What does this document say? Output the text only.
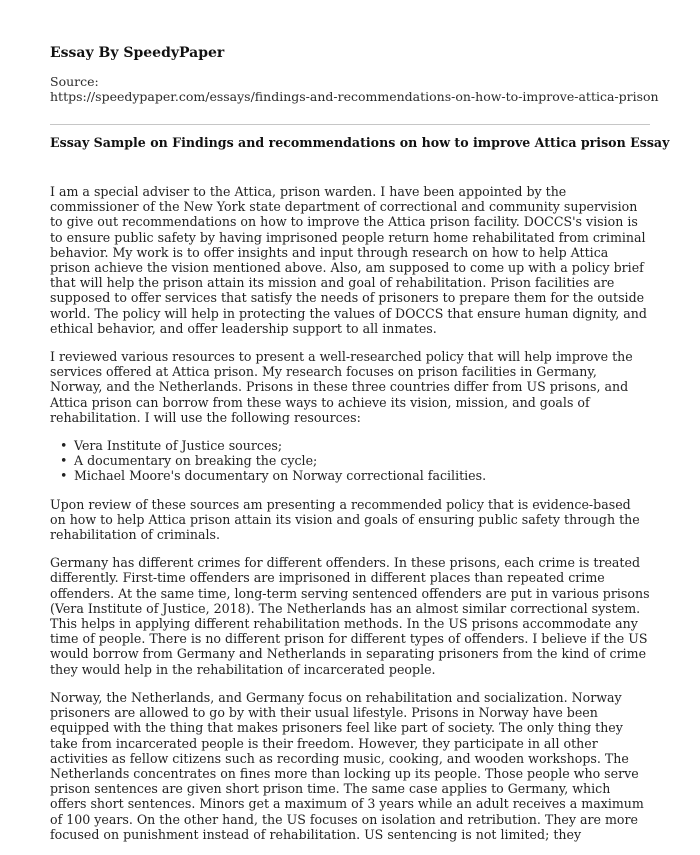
Essay By SpeedyPaper
Source:
https://speedypaper.com/essays/findings-and-recommendations-on-how-to-improve-attica-prison
Essay Sample on Findings and recommendations on how to improve Attica prison Essay

I am a special adviser to the Attica, prison warden. I have been appointed by the commissioner of the New York state department of correctional and community supervision to give out recommendations on how to improve the Attica prison facility. DOCCS's vision is to ensure public safety by having imprisoned people return home rehabilitated from criminal behavior. My work is to offer insights and input through research on how to help Attica prison achieve the vision mentioned above. Also, am supposed to come up with a policy brief that will help the prison attain its mission and goal of rehabilitation. Prison facilities are supposed to offer services that satisfy the needs of prisoners to prepare them for the outside world. The policy will help in protecting the values of DOCCS that ensure human dignity, and ethical behavior, and offer leadership support to all inmates.

I reviewed various resources to present a well-researched policy that will help improve the services offered at Attica prison. My research focuses on prison facilities in Germany, Norway, and the Netherlands. Prisons in these three countries differ from US prisons, and Attica prison can borrow from these ways to achieve its vision, mission, and goals of rehabilitation. I will use the following resources:

• Vera Institute of Justice sources;
• A documentary on breaking the cycle;
• Michael Moore's documentary on Norway correctional facilities.

Upon review of these sources am presenting a recommended policy that is evidence-based on how to help Attica prison attain its vision and goals of ensuring public safety through the rehabilitation of criminals.

Germany has different crimes for different offenders. In these prisons, each crime is treated differently. First-time offenders are imprisoned in different places than repeated crime offenders. At the same time, long-term serving sentenced offenders are put in various prisons (Vera Institute of Justice, 2018). The Netherlands has an almost similar correctional system. This helps in applying different rehabilitation methods. In the US prisons accommodate any time of people. There is no different prison for different types of offenders. I believe if the US would borrow from Germany and Netherlands in separating prisoners from the kind of crime they would help in the rehabilitation of incarcerated people.

Norway, the Netherlands, and Germany focus on rehabilitation and socialization. Norway prisoners are allowed to go by with their usual lifestyle. Prisons in Norway have been equipped with the thing that makes prisoners feel like part of society. The only thing they take from incarcerated people is their freedom. However, they participate in all other activities as fellow citizens such as recording music, cooking, and wooden workshops. The Netherlands concentrates on fines more than locking up its people. Those people who serve prison sentences are given short prison time. The same case applies to Germany, which offers short sentences. Minors get a maximum of 3 years while an adult receives a maximum of 100 years. On the other hand, the US focuses on isolation and retribution. They are more focused on punishment instead of rehabilitation. US sentencing is not limited; they
